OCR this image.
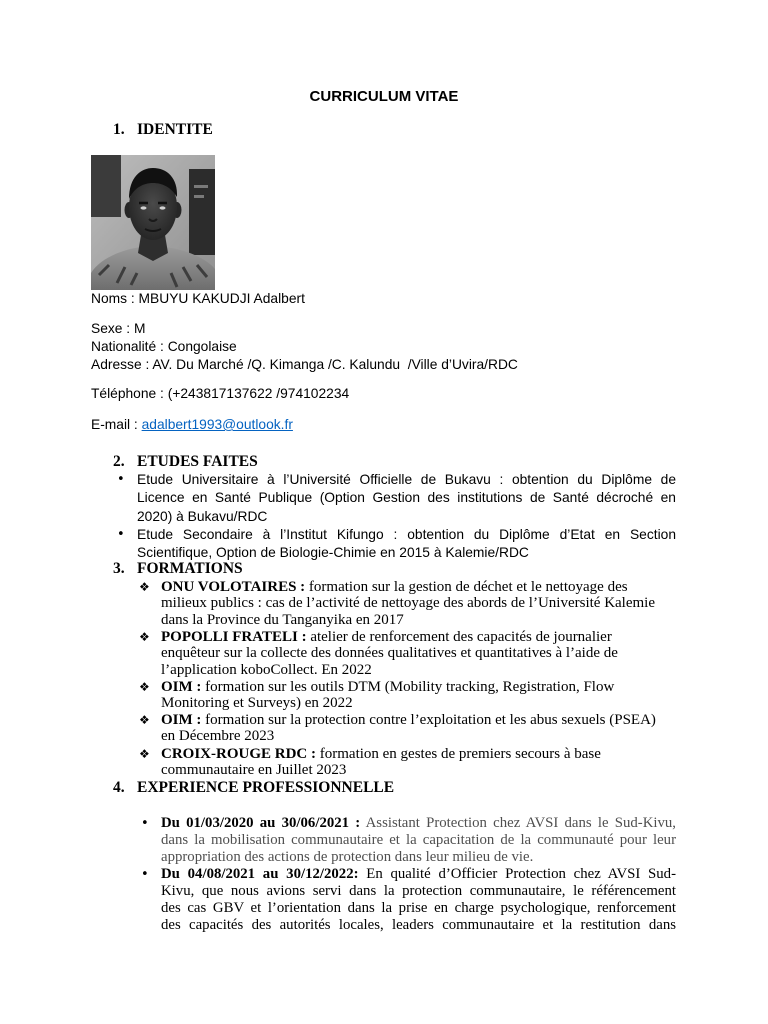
CURRICULUM VITAE
1. IDENTITE
Noms : MBUYU KAKUDJI Adalbert
Sexe : M
Nationalité : Congolaise
Adresse : AV. Du Marché /Q. Kimanga /C. Kalundu  /Ville d’Uvira/RDC
Téléphone : (+243817137622 /974102234
E-mail : adalbert1993@outlook.fr
2. ETUDES FAITES
• Etude Universitaire à l’Université Officielle de Bukavu : obtention du Diplôme de
Licence en Santé Publique (Option Gestion des institutions de Santé décroché en
2020) à Bukavu/RDC
• Etude Secondaire à l’Institut Kifungo : obtention du Diplôme d’Etat en Section
Scientifique, Option de Biologie-Chimie en 2015 à Kalemie/RDC
3. FORMATIONS
❖ ONU VOLOTAIRES : formation sur la gestion de déchet et le nettoyage des
milieux publics : cas de l’activité de nettoyage des abords de l’Université Kalemie
dans la Province du Tanganyika en 2017
❖ POPOLLI FRATELI : atelier de renforcement des capacités de journalier
enquêteur sur la collecte des données qualitatives et quantitatives à l’aide de
l’application koboCollect. En 2022
❖ OIM : formation sur les outils DTM (Mobility tracking, Registration, Flow
Monitoring et Surveys) en 2022
❖ OIM : formation sur la protection contre l’exploitation et les abus sexuels (PSEA)
en Décembre 2023
❖ CROIX-ROUGE RDC : formation en gestes de premiers secours à base
communautaire en Juillet 2023
4. EXPERIENCE PROFESSIONNELLE
• Du 01/03/2020 au 30/06/2021 : Assistant Protection chez AVSI dans le Sud-Kivu,
dans la mobilisation communautaire et la capacitation de la communauté pour leur
appropriation des actions de protection dans leur milieu de vie.
• Du 04/08/2021 au 30/12/2022: En qualité d’Officier Protection chez AVSI Sud-
Kivu, que nous avions servi dans la protection communautaire, le référencement
des cas GBV et l’orientation dans la prise en charge psychologique, renforcement
des capacités des autorités locales, leaders communautaire et la restitution dans
